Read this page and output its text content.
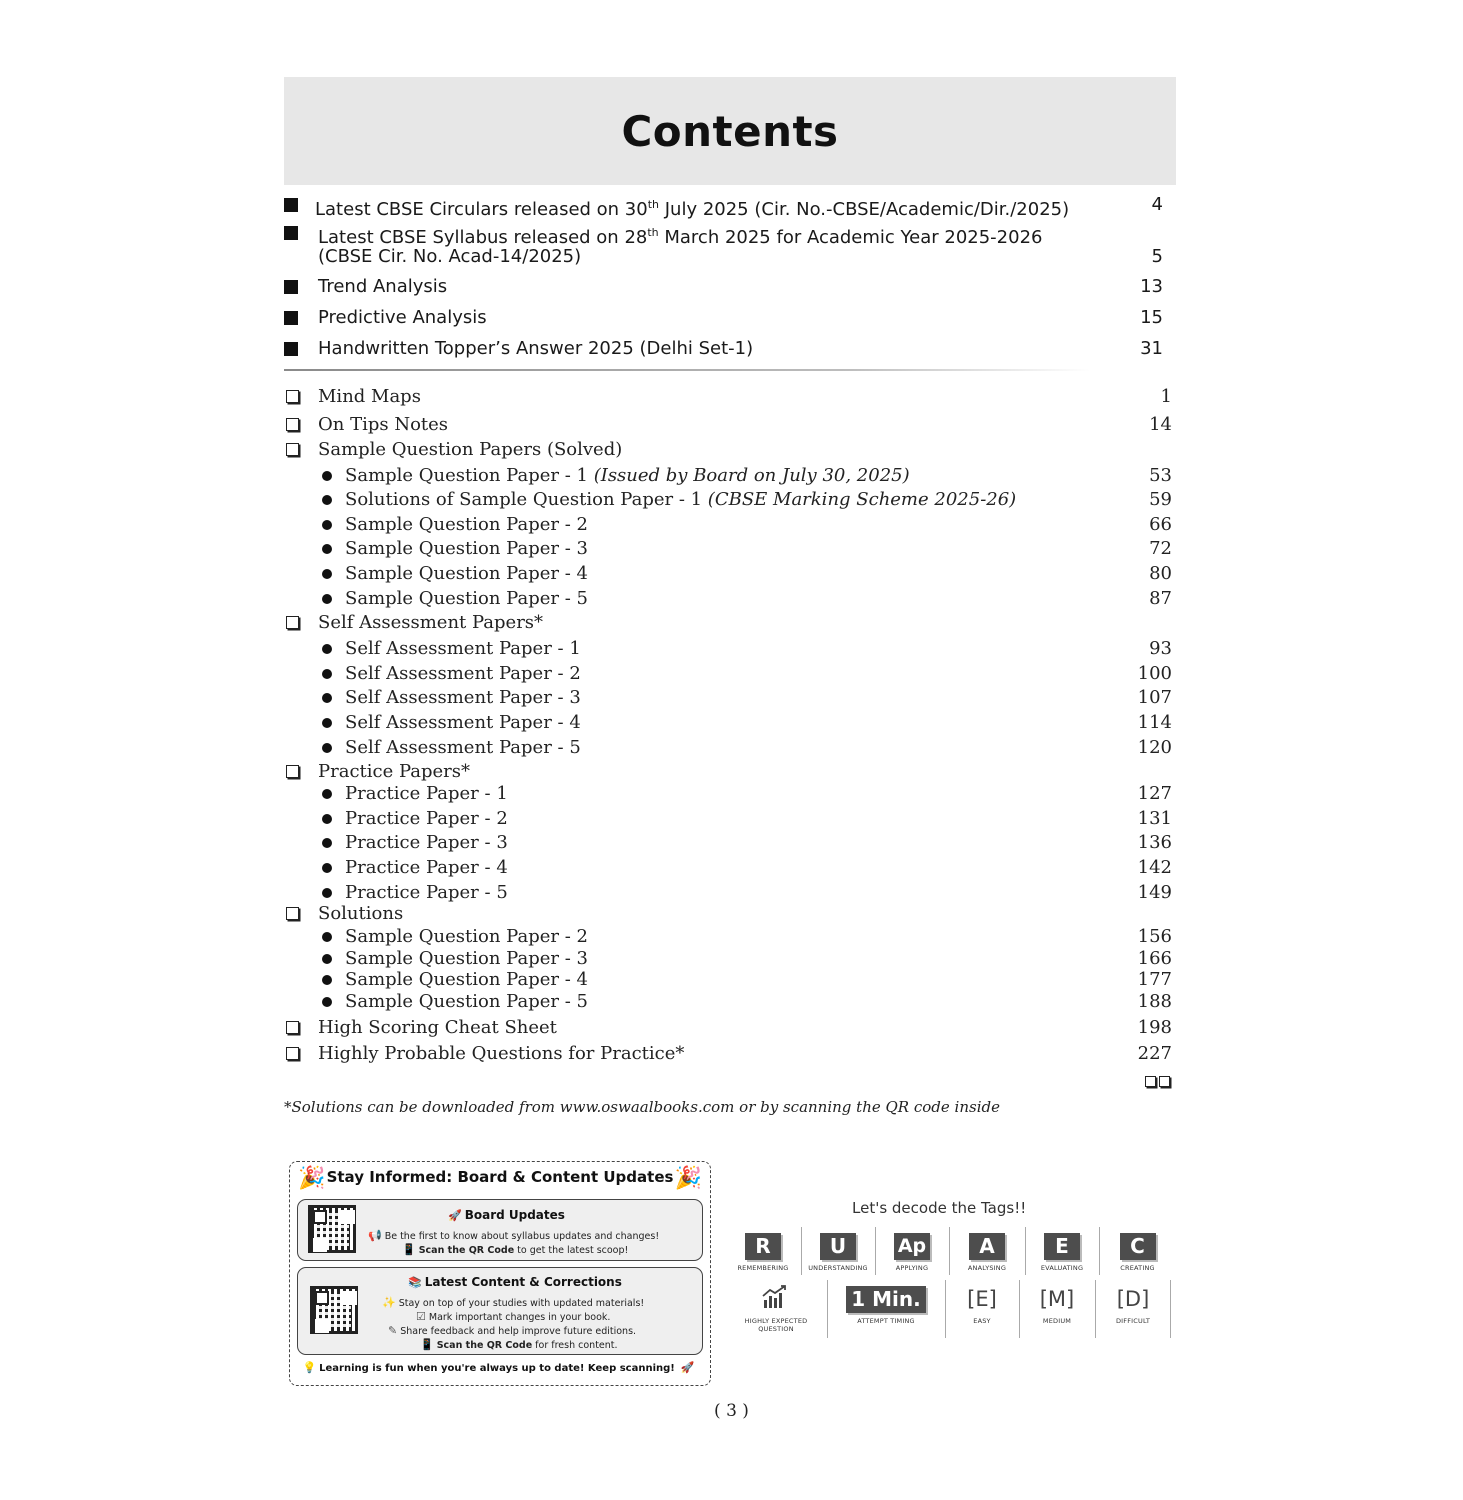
Contents
Latest CBSE Circulars released on 30th July 2025 (Cir. No.-CBSE/Academic/Dir./2025)	4
Latest CBSE Syllabus released on 28th March 2025 for Academic Year 2025-2026
(CBSE Cir. No. Acad-14/2025)	5
Trend Analysis	13
Predictive Analysis	15
Handwritten Topper’s Answer 2025 (Delhi Set-1)	31
Mind Maps	1
On Tips Notes	14
Sample Question Papers (Solved)
Sample Question Paper - 1 (Issued by Board on July 30, 2025)	53
Solutions of Sample Question Paper - 1 (CBSE Marking Scheme 2025-26)	59
Sample Question Paper - 2	66
Sample Question Paper - 3	72
Sample Question Paper - 4	80
Sample Question Paper - 5	87
Self Assessment Papers*
Self Assessment Paper - 1	93
Self Assessment Paper - 2	100
Self Assessment Paper - 3	107
Self Assessment Paper - 4	114
Self Assessment Paper - 5	120
Practice Papers*
Practice Paper - 1	127
Practice Paper - 2	131
Practice Paper - 3	136
Practice Paper - 4	142
Practice Paper - 5	149
Solutions
Sample Question Paper - 2	156
Sample Question Paper - 3	166
Sample Question Paper - 4	177
Sample Question Paper - 5	188
High Scoring Cheat Sheet	198
Highly Probable Questions for Practice*	227
*Solutions can be downloaded from www.oswaalbooks.com or by scanning the QR code inside
🎉 Stay Informed: Board & Content Updates 🎉
🚀 Board Updates
📢 Be the first to know about syllabus updates and changes!
📱 Scan the QR Code to get the latest scoop!
📚 Latest Content & Corrections
✨ Stay on top of your studies with updated materials!
☑ Mark important changes in your book.
✎ Share feedback and help improve future editions.
📱 Scan the QR Code for fresh content.
💡 Learning is fun when you're always up to date! Keep scanning! 🚀
Let's decode the Tags!!
R
REMEMBERING
U
UNDERSTANDING
Ap
APPLYING
A
ANALYSING
E
EVALUATING
C
CREATING
HIGHLY EXPECTED QUESTION
1 Min.
ATTEMPT TIMING
[E]
EASY
[M]
MEDIUM
[D]
DIFFICULT
( 3 )
